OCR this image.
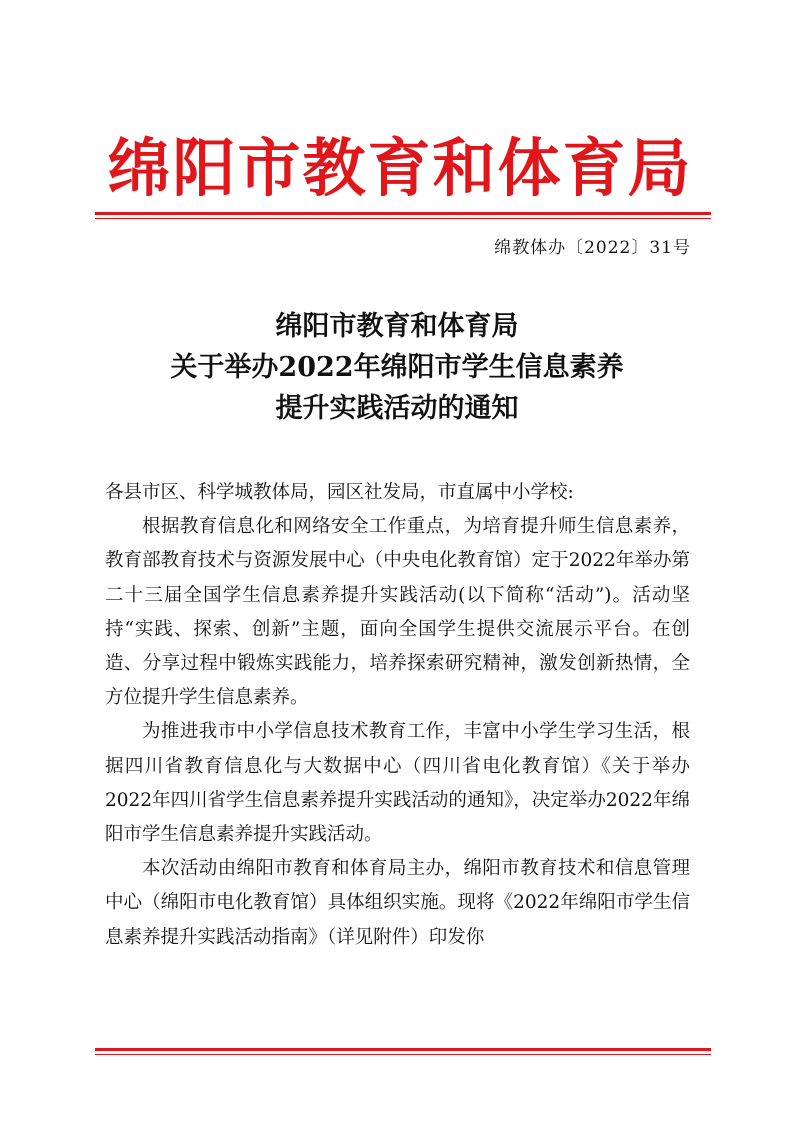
绵阳市教育和体育局
绵教体办〔2022〕31号
绵阳市教育和体育局
关于举办2022年绵阳市学生信息素养
提升实践活动的通知

各县市区、科学城教体局，园区社发局，市直属中小学校:

根据教育信息化和网络安全工作重点，为培育提升师生信息素养，教育部教育技术与资源发展中心（中央电化教育馆）定于2022年举办第二十三届全国学生信息素养提升实践活动(以下简称“活动”)。活动坚持“实践、探索、创新”主题，面向全国学生提供交流展示平台。在创造、分享过程中锻炼实践能力，培养探索研究精神，激发创新热情，全方位提升学生信息素养。

为推进我市中小学信息技术教育工作，丰富中小学生学习生活，根据四川省教育信息化与大数据中心（四川省电化教育馆）《关于举办2022年四川省学生信息素养提升实践活动的通知》，决定举办2022年绵阳市学生信息素养提升实践活动。

本次活动由绵阳市教育和体育局主办，绵阳市教育技术和信息管理中心（绵阳市电化教育馆）具体组织实施。现将《2022年绵阳市学生信息素养提升实践活动指南》（详见附件）印发你
